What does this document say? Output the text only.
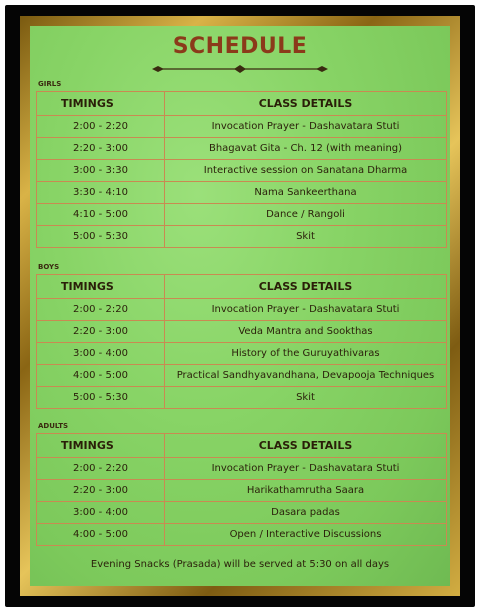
SCHEDULE
GIRLS
TIMINGS	CLASS DETAILS
2:00 - 2:20	Invocation Prayer - Dashavatara Stuti
2:20 - 3:00	Bhagavat Gita - Ch. 12 (with meaning)
3:00 - 3:30	Interactive session on Sanatana Dharma
3:30 - 4:10	Nama Sankeerthana
4:10 - 5:00	Dance / Rangoli
5:00 - 5:30	Skit
BOYS
TIMINGS	CLASS DETAILS
2:00 - 2:20	Invocation Prayer - Dashavatara Stuti
2:20 - 3:00	Veda Mantra and Sookthas
3:00 - 4:00	History of the Guruyathivaras
4:00 - 5:00	Practical Sandhyavandhana, Devapooja Techniques
5:00 - 5:30	Skit
ADULTS
TIMINGS	CLASS DETAILS
2:00 - 2:20	Invocation Prayer - Dashavatara Stuti
2:20 - 3:00	Harikathamrutha Saara
3:00 - 4:00	Dasara padas
4:00 - 5:00	Open / Interactive Discussions
Evening Snacks (Prasada) will be served at 5:30 on all days
